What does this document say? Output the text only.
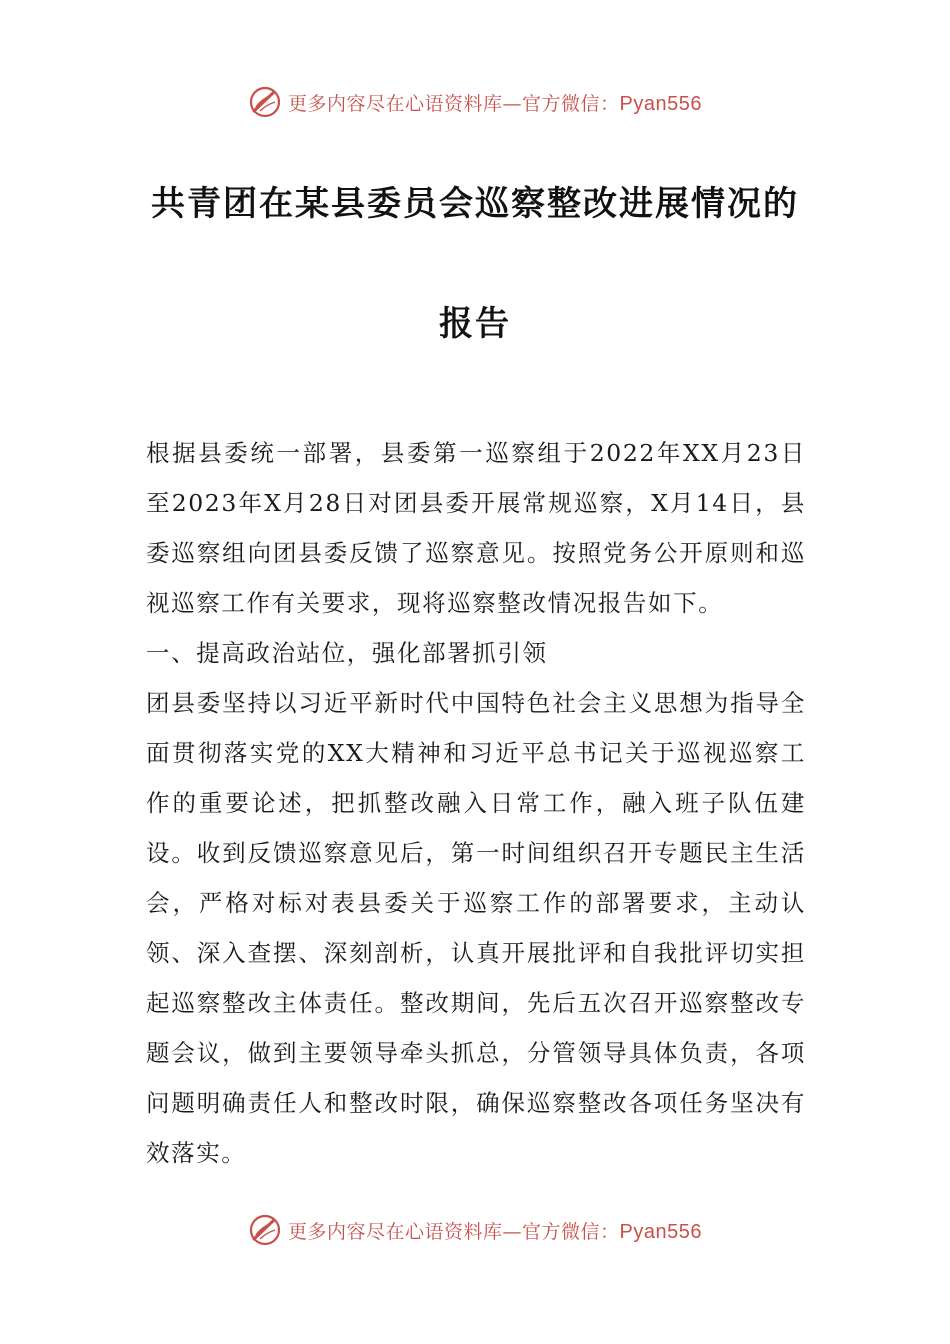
更多内容尽在心语资料库—官方微信：Pyan556
共青团在某县委员会巡察整改进展情况的
报告

根据县委统一部署，县委第一巡察组于2022年XX月23日至2023年X月28日对团县委开展常规巡察，X月14日，县委巡察组向团县委反馈了巡察意见。按照党务公开原则和巡视巡察工作有关要求，现将巡察整改情况报告如下。

一、提高政治站位，强化部署抓引领

团县委坚持以习近平新时代中国特色社会主义思想为指导全面贯彻落实党的XX大精神和习近平总书记关于巡视巡察工作的重要论述，把抓整改融入日常工作，融入班子队伍建设。收到反馈巡察意见后，第一时间组织召开专题民主生活会，严格对标对表县委关于巡察工作的部署要求，主动认领、深入查摆、深刻剖析，认真开展批评和自我批评切实担起巡察整改主体责任。整改期间，先后五次召开巡察整改专题会议，做到主要领导牵头抓总，分管领导具体负责，各项问题明确责任人和整改时限，确保巡察整改各项任务坚决有效落实。

更多内容尽在心语资料库—官方微信：Pyan556
